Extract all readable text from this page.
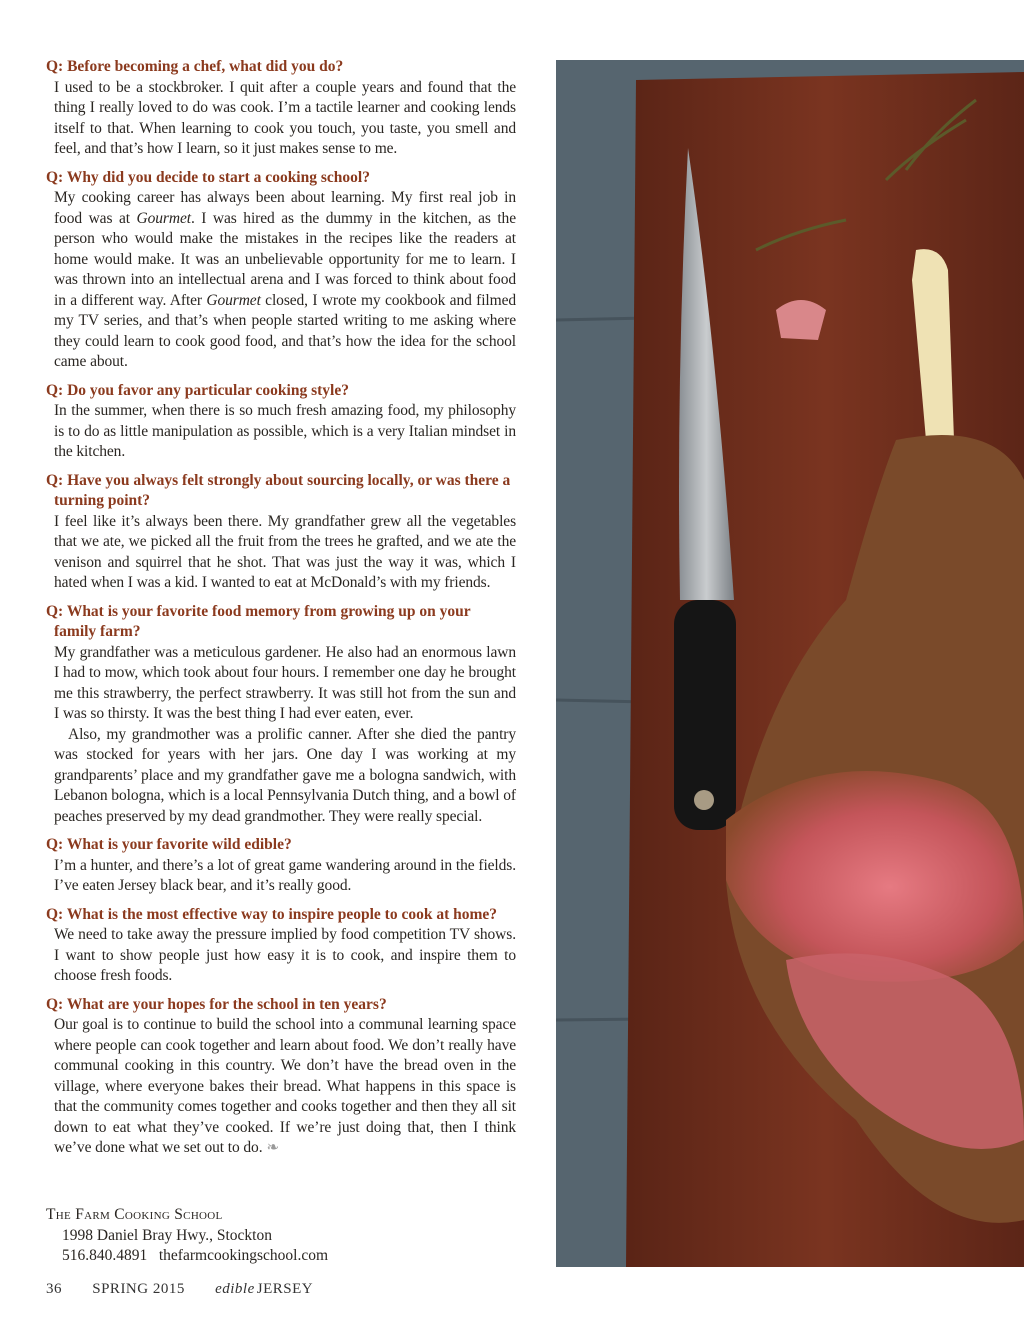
Q: Before becoming a chef, what did you do?

I used to be a stockbroker. I quit after a couple years and found that the thing I really loved to do was cook. I’m a tactile learner and cooking lends itself to that. When learning to cook you touch, you taste, you smell and feel, and that’s how I learn, so it just makes sense to me.

Q: Why did you decide to start a cooking school?

My cooking career has always been about learning. My first real job in food was at Gourmet. I was hired as the dummy in the kitchen, as the person who would make the mistakes in the recipes like the readers at home would make. It was an unbelievable opportunity for me to learn. I was thrown into an intellectual arena and I was forced to think about food in a different way. After Gourmet closed, I wrote my cookbook and filmed my TV series, and that’s when people started writing to me asking where they could learn to cook good food, and that’s how the idea for the school came about.

Q: Do you favor any particular cooking style?

In the summer, when there is so much fresh amazing food, my philosophy is to do as little manipulation as possible, which is a very Italian mindset in the kitchen.

Q: Have you always felt strongly about sourcing locally, or was there a turning point?

I feel like it’s always been there. My grandfather grew all the vegetables that we ate, we picked all the fruit from the trees he grafted, and we ate the venison and squirrel that he shot. That was just the way it was, which I hated when I was a kid. I wanted to eat at McDonald’s with my friends.

Q: What is your favorite food memory from growing up on your family farm?

My grandfather was a meticulous gardener. He also had an enormous lawn I had to mow, which took about four hours. I remember one day he brought me this strawberry, the perfect strawberry. It was still hot from the sun and I was so thirsty. It was the best thing I had ever eaten, ever.

Also, my grandmother was a prolific canner. After she died the pantry was stocked for years with her jars. One day I was working at my grandparents’ place and my grandfather gave me a bologna sandwich, with Lebanon bologna, which is a local Pennsylvania Dutch thing, and a bowl of peaches preserved by my dead grandmother. They were really special.

Q: What is your favorite wild edible?

I’m a hunter, and there’s a lot of great game wandering around in the fields. I’ve eaten Jersey black bear, and it’s really good.

Q: What is the most effective way to inspire people to cook at home?

We need to take away the pressure implied by food competition TV shows. I want to show people just how easy it is to cook, and inspire them to choose fresh foods.

Q: What are your hopes for the school in ten years?

Our goal is to continue to build the school into a communal learning space where people can cook together and learn about food. We don’t really have communal cooking in this country. We don’t have the bread oven in the village, where everyone bakes their bread. What happens in this space is that the community comes together and cooks together and then they all sit down to eat what they’ve cooked. If we’re just doing that, then I think we’ve done what we set out to do. ❧

The Farm Cooking School
1998 Daniel Bray Hwy., Stockton
516.840.4891 thefarmcookingschool.com
36 SPRING 2015 edible JERSEY
